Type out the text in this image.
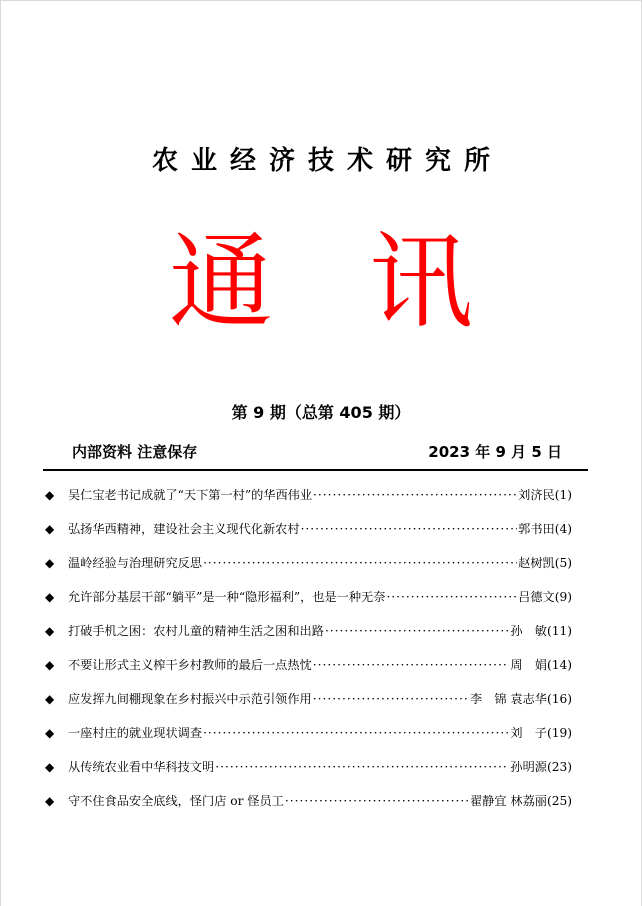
农业经济技术研究所
通讯
第 9 期（总第 405 期）
内部资料 注意保存	2023 年 9 月 5 日
◆	吴仁宝老书记成就了“天下第一村”的华西伟业 ·····	刘济民 (1)
◆	弘扬华西精神，建设社会主义现代化新农村 ·····	郭书田 (4)
◆	温岭经验与治理研究反思 ·····	赵树凯 (5)
◆	允许部分基层干部“躺平”是一种“隐形福利”，也是一种无奈 ·····	吕德文 (9)
◆	打破手机之困：农村儿童的精神生活之困和出路 ·····	孙　敏 (11)
◆	不要让形式主义榨干乡村教师的最后一点热忱 ·····	周　娟 (14)
◆	应发挥九间棚现象在乡村振兴中示范引领作用 ·····	李　锦 袁志华 (16)
◆	一座村庄的就业现状调查 ·····	刘　子 (19)
◆	从传统农业看中华科技文明 ·····	孙明源 (23)
◆	守不住食品安全底线，怪门店 or 怪员工 ·····	翟静宜 林荔丽 (25)
